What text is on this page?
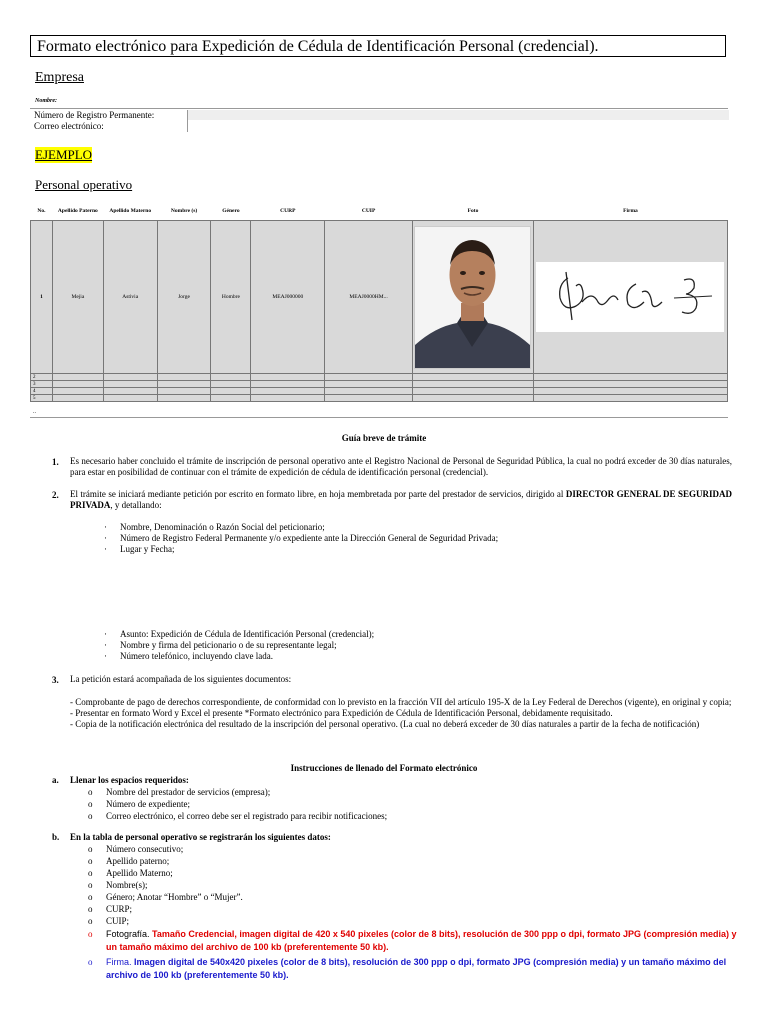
Formato electrónico para Expedición de Cédula de Identificación Personal (credencial).
Empresa
Nombre:
Número de Registro Permanente:
Correo electrónico:
EJEMPLO
Personal operativo
No.	Apellido Paterno	Apellido Materno	Nombre (s)	Género	CURP	CUIP	Foto	Firma
1	Mejia	Astivia	Jorge	Hombre	MEAJ000000	MEAJ0000HM...	

2								
3								
4								
5								
..
Guía breve de trámite
1. Es necesario haber concluido el trámite de inscripción de personal operativo ante el Registro Nacional de Personal de Seguridad Pública, la cual no podrá exceder de 30 días naturales, para estar en posibilidad de continuar con el trámite de expedición de cédula de identificación personal (credencial).
2. El trámite se iniciará mediante petición por escrito en formato libre, en hoja membretada por parte del prestador de servicios, dirigido al DIRECTOR GENERAL DE SEGURIDAD PRIVADA, y detallando:
· Nombre, Denominación o Razón Social del peticionario;
· Número de Registro Federal Permanente y/o expediente ante la Dirección General de Seguridad Privada;
· Lugar y Fecha;
· Asunto: Expedición de Cédula de Identificación Personal (credencial);
· Nombre y firma del peticionario o de su representante legal;
· Número telefónico, incluyendo clave lada.
3. La petición estará acompañada de los siguientes documentos:
- Comprobante de pago de derechos correspondiente, de conformidad con lo previsto en la fracción VII del artículo 195-X de la Ley Federal de Derechos (vigente), en original y copia;
- Presentar en formato Word y Excel el presente *Formato electrónico para Expedición de Cédula de Identificación Personal, debidamente requisitado.
- Copia de la notificación electrónica del resultado de la inscripción del personal operativo. (La cual no deberá exceder de 30 días naturales a partir de la fecha de notificación)
Instrucciones de llenado del Formato electrónico
a. Llenar los espacios requeridos:
o Nombre del prestador de servicios (empresa);
o Número de expediente;
o Correo electrónico, el correo debe ser el registrado para recibir notificaciones;
b. En la tabla de personal operativo se registrarán los siguientes datos:
o Número consecutivo;
o Apellido paterno;
o Apellido Materno;
o Nombre(s);
o Género; Anotar “Hombre” o “Mujer”.
o CURP;
o CUIP;
o	Fotografía. Tamaño Credencial, imagen digital de 420 x 540 pixeles (color de 8 bits), resolución de 300 ppp o dpi, formato JPG (compresión media) y un tamaño máximo del archivo de 100 kb (preferentemente 50 kb).
o	Firma. Imagen digital de 540x420 pixeles (color de 8 bits), resolución de 300 ppp o dpi, formato JPG (compresión media) y un tamaño máximo del archivo de 100 kb (preferentemente 50 kb).
